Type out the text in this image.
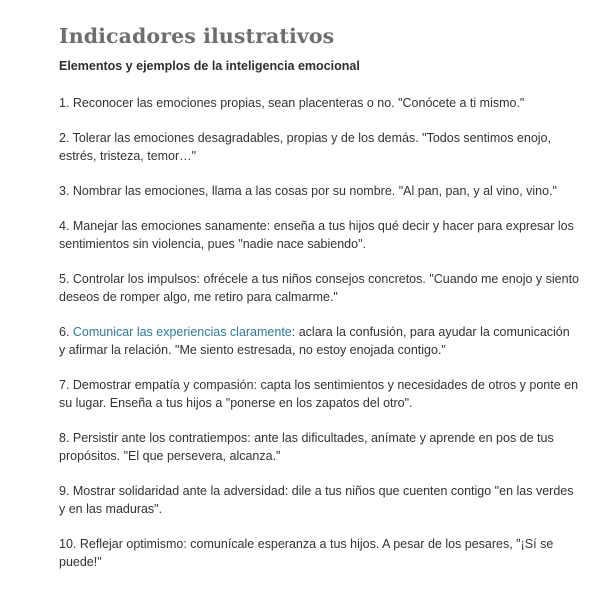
Indicadores ilustrativos

Elementos y ejemplos de la inteligencia emocional

1. Reconocer las emociones propias, sean placenteras o no. "Conócete a ti mismo."
2. Tolerar las emociones desagradables, propias y de los demás. "Todos sentimos enojo, estrés, tristeza, temor…"
3. Nombrar las emociones, llama a las cosas por su nombre. "Al pan, pan, y al vino, vino."
4. Manejar las emociones sanamente: enseña a tus hijos qué decir y hacer para expresar los sentimientos sin violencia, pues "nadie nace sabiendo".
5. Controlar los impulsos: ofrécele a tus niños consejos concretos. "Cuando me enojo y siento deseos de romper algo, me retiro para calmarme."
6. Comunicar las experiencias claramente: aclara la confusión, para ayudar la comunicación y afirmar la relación. "Me siento estresada, no estoy enojada contigo."
7. Demostrar empatía y compasión: capta los sentimientos y necesidades de otros y ponte en su lugar. Enseña a tus hijos a "ponerse en los zapatos del otro".
8. Persistir ante los contratiempos: ante las dificultades, anímate y aprende en pos de tus propósitos. "El que persevera, alcanza."
9. Mostrar solidaridad ante la adversidad: dile a tus niños que cuenten contigo "en las verdes y en las maduras".
10. Reflejar optimismo: comunícale esperanza a tus hijos. A pesar de los pesares, "¡Sí se puede!"
